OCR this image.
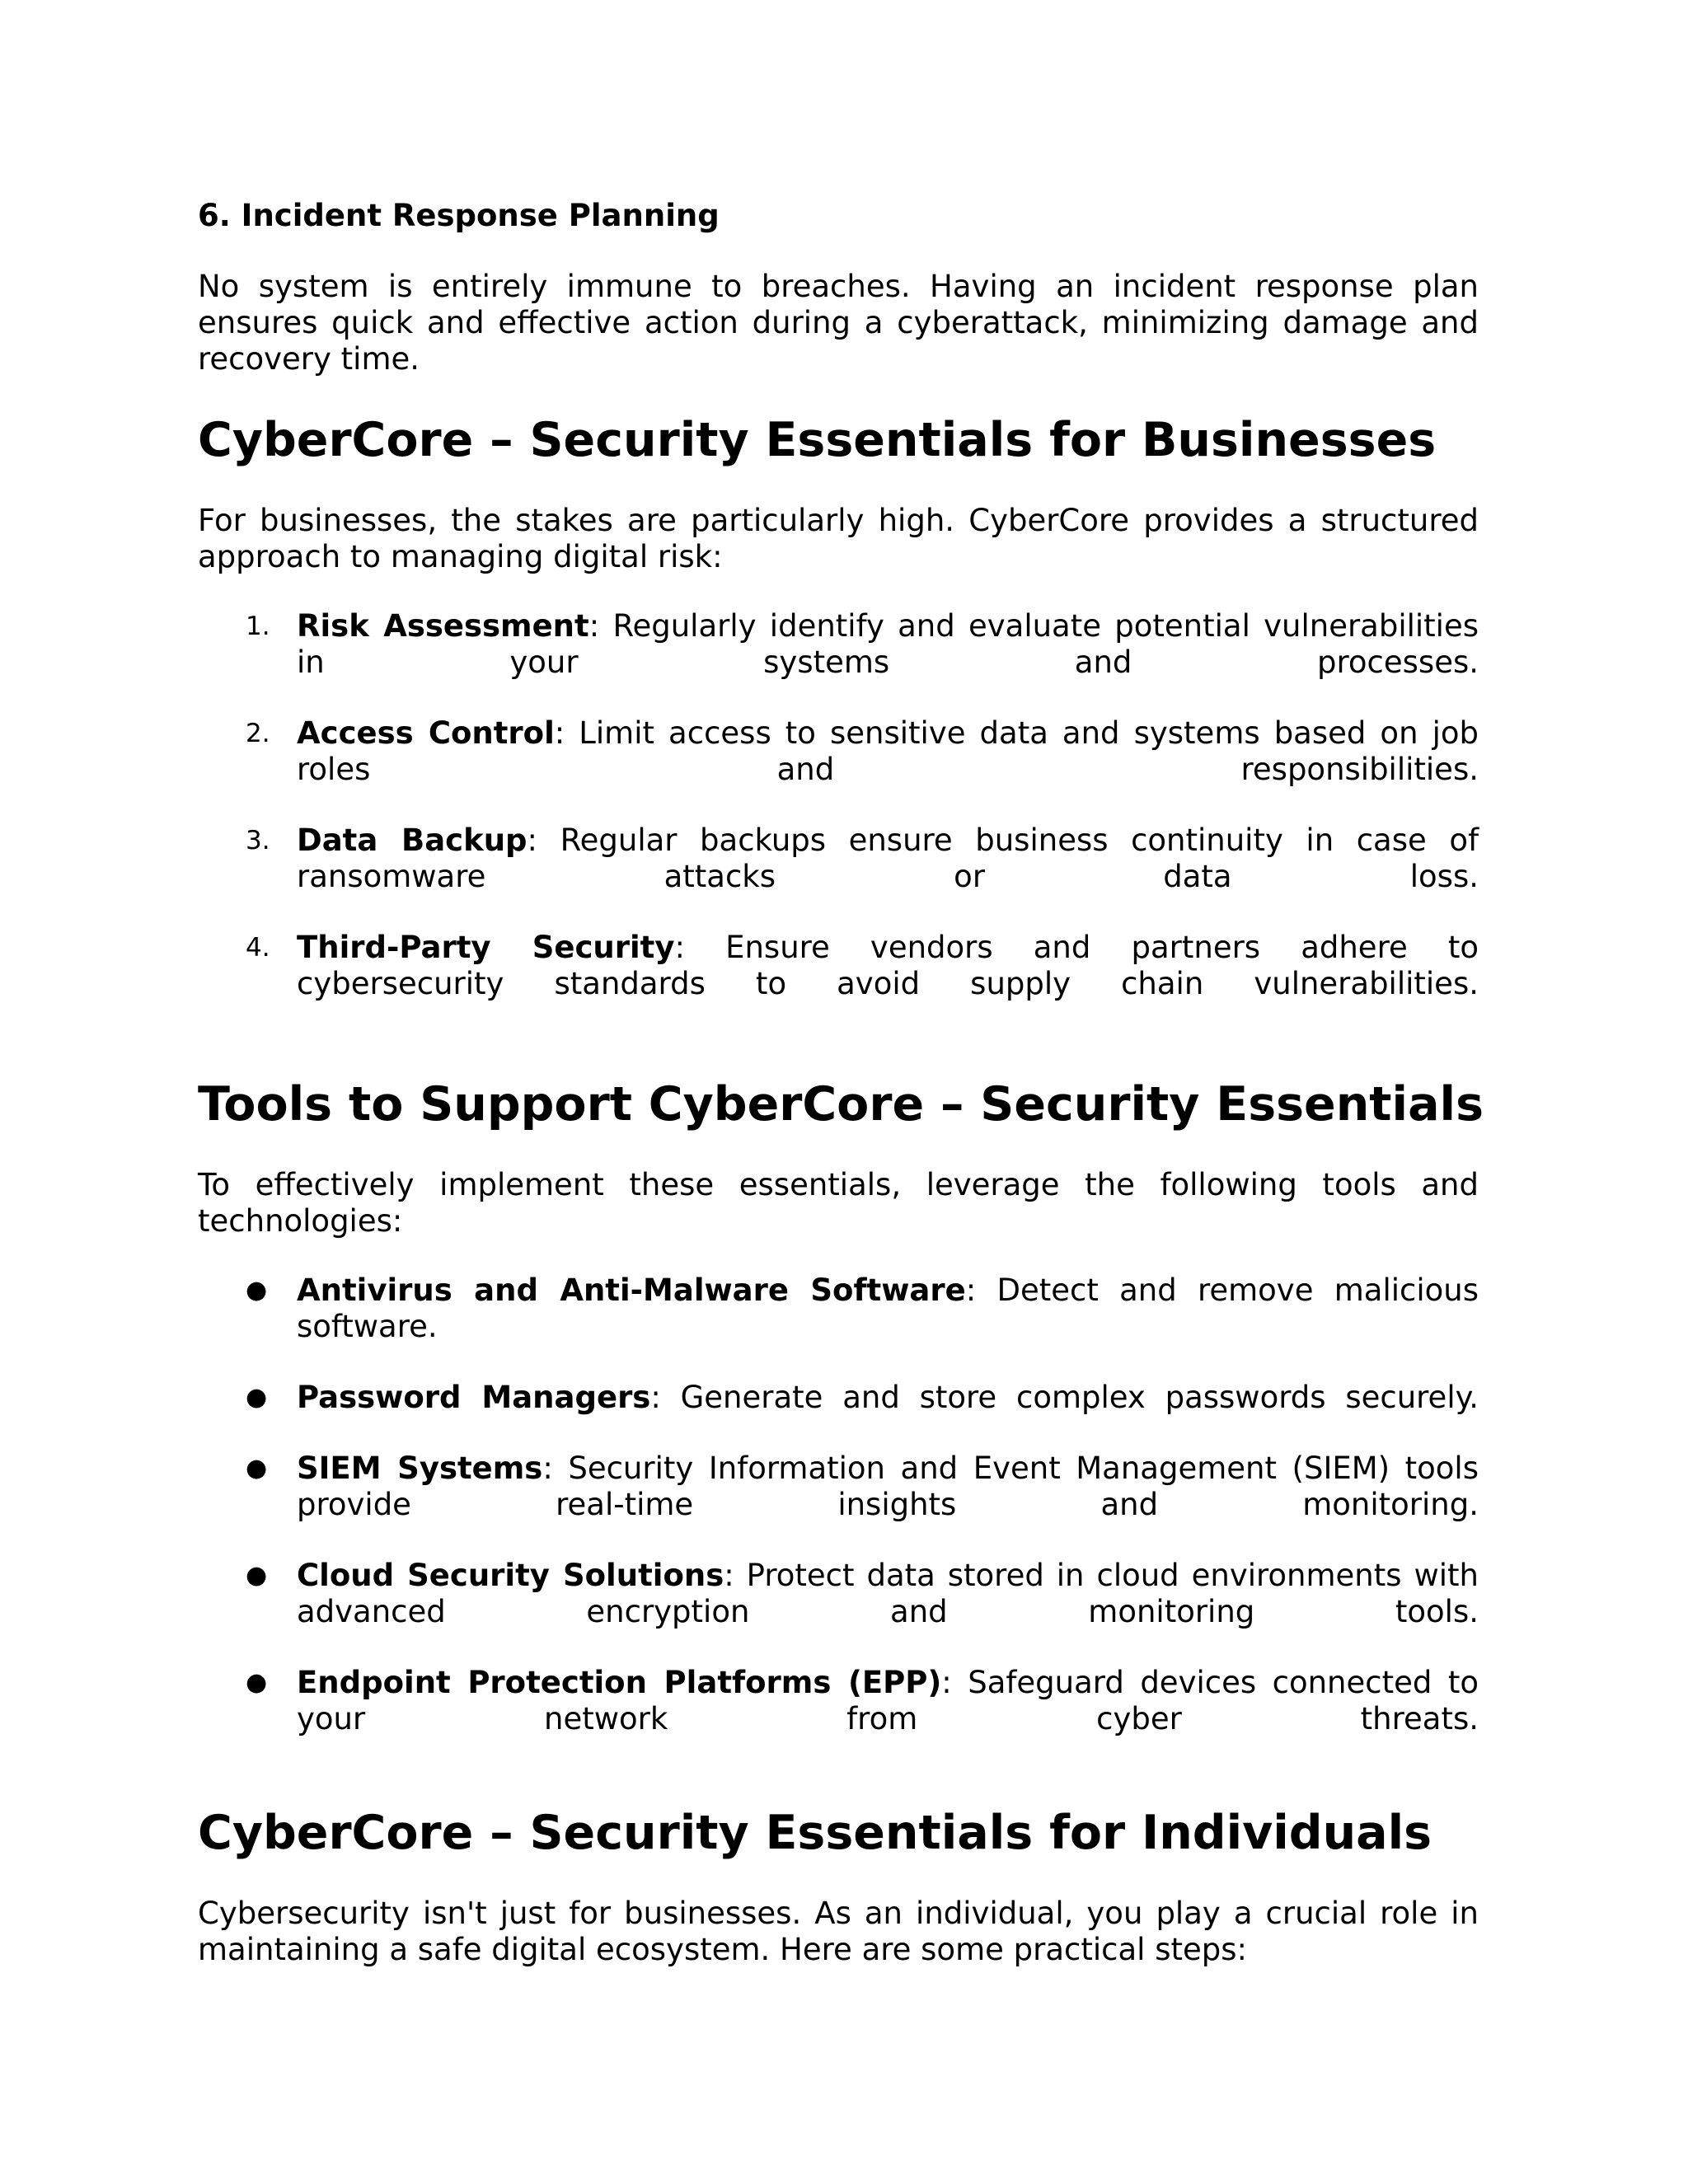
6. Incident Response Planning

No system is entirely immune to breaches. Having an incident response plan ensures quick and effective action during a cyberattack, minimizing damage and recovery time.

CyberCore – Security Essentials for Businesses

For businesses, the stakes are particularly high. CyberCore provides a structured approach to managing digital risk:

1. Risk Assessment: Regularly identify and evaluate potential vulnerabilities in your systems and processes.
2. Access Control: Limit access to sensitive data and systems based on job roles and responsibilities.
3. Data Backup: Regular backups ensure business continuity in case of ransomware attacks or data loss.
4. Third-Party Security: Ensure vendors and partners adhere to cybersecurity standards to avoid supply chain vulnerabilities.
Tools to Support CyberCore – Security Essentials

To effectively implement these essentials, leverage the following tools and technologies:

● Antivirus and Anti-Malware Software: Detect and remove malicious software.
● Password Managers: Generate and store complex passwords securely.
● SIEM Systems: Security Information and Event Management (SIEM) tools provide real-time insights and monitoring.
● Cloud Security Solutions: Protect data stored in cloud environments with advanced encryption and monitoring tools.
● Endpoint Protection Platforms (EPP): Safeguard devices connected to your network from cyber threats.
CyberCore – Security Essentials for Individuals

Cybersecurity isn't just for businesses. As an individual, you play a crucial role in maintaining a safe digital ecosystem. Here are some practical steps:
